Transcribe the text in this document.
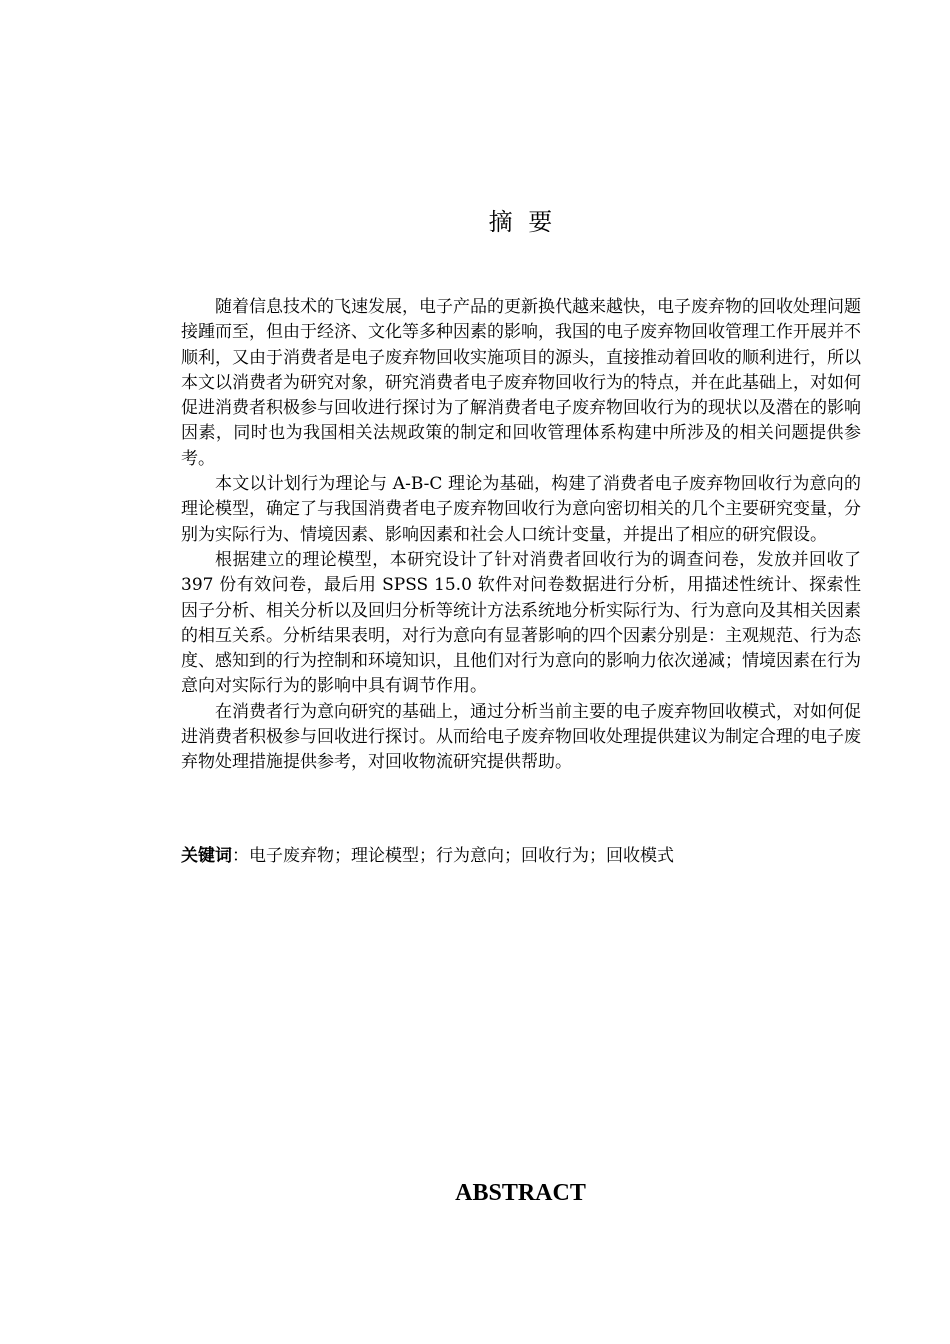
摘 要

随着信息技术的飞速发展，电子产品的更新换代越来越快，电子废弃物的回收处理问题接踵而至，但由于经济、文化等多种因素的影响，我国的电子废弃物回收管理工作开展并不顺利，又由于消费者是电子废弃物回收实施项目的源头，直接推动着回收的顺利进行，所以本文以消费者为研究对象，研究消费者电子废弃物回收行为的特点，并在此基础上，对如何促进消费者积极参与回收进行探讨为了解消费者电子废弃物回收行为的现状以及潜在的影响因素，同时也为我国相关法规政策的制定和回收管理体系构建中所涉及的相关问题提供参考。

本文以计划行为理论与 A-B-C 理论为基础，构建了消费者电子废弃物回收行为意向的理论模型，确定了与我国消费者电子废弃物回收行为意向密切相关的几个主要研究变量，分别为实际行为、情境因素、影响因素和社会人口统计变量，并提出了相应的研究假设。

根据建立的理论模型，本研究设计了针对消费者回收行为的调查问卷，发放并回收了 397 份有效问卷，最后用 SPSS 15.0 软件对问卷数据进行分析，用描述性统计、探索性因子分析、相关分析以及回归分析等统计方法系统地分析实际行为、行为意向及其相关因素的相互关系。分析结果表明，对行为意向有显著影响的四个因素分别是：主观规范、行为态度、感知到的行为控制和环境知识，且他们对行为意向的影响力依次递减；情境因素在行为意向对实际行为的影响中具有调节作用。

在消费者行为意向研究的基础上，通过分析当前主要的电子废弃物回收模式，对如何促进消费者积极参与回收进行探讨。从而给电子废弃物回收处理提供建议为制定合理的电子废弃物处理措施提供参考，对回收物流研究提供帮助。

关键词：电子废弃物；理论模型；行为意向；回收行为；回收模式
ABSTRACT
